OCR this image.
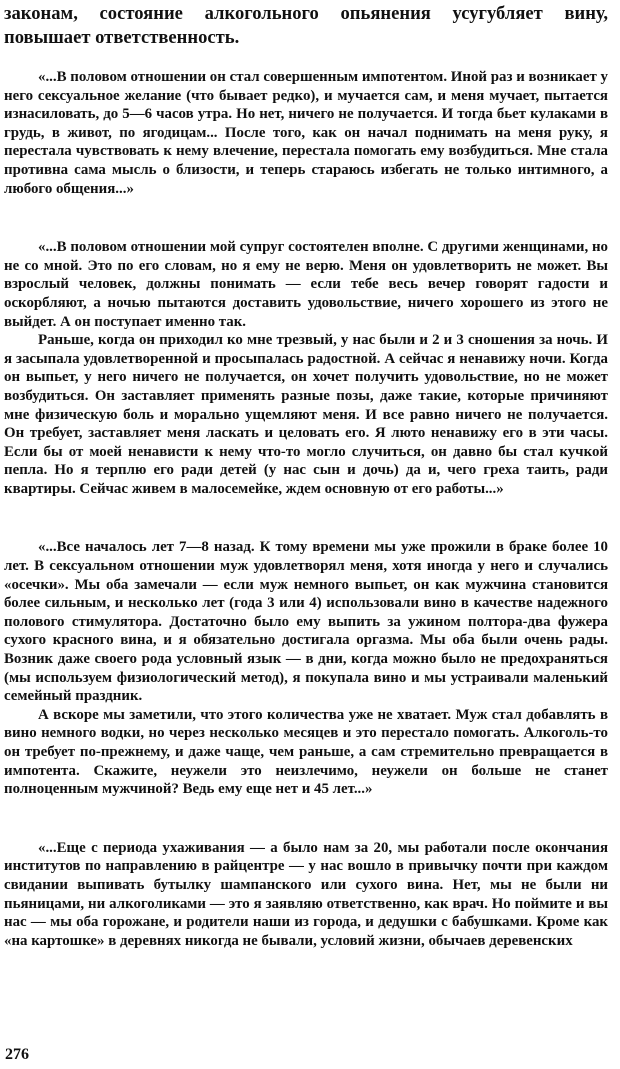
законам, состояние алкогольного опьянения усугубляет вину, повышает ответственность.

«...В половом отношении он стал совершенным импотентом. Иной раз и возникает у него сексуальное желание (что бывает редко), и мучается сам, и меня мучает, пытается изнасиловать, до 5—6 часов утра. Но нет, ничего не получается. И тогда бьет кулаками в грудь, в живот, по ягодицам... После того, как он начал поднимать на меня руку, я перестала чувствовать к нему влечение, перестала помогать ему возбудиться. Мне стала противна сама мысль о близости, и теперь стараюсь избегать не только интимного, а любого общения...»

«...В половом отношении мой супруг состоятелен вполне. С другими женщинами, но не со мной. Это по его словам, но я ему не верю. Меня он удовлетворить не может. Вы взрослый человек, должны понимать — если тебе весь вечер говорят гадости и оскорбляют, а ночью пытаются доставить удовольствие, ничего хорошего из этого не выйдет. А он поступает именно так.

Раньше, когда он приходил ко мне трезвый, у нас были и 2 и 3 сношения за ночь. И я засыпала удовлетворенной и просыпалась радостной. А сейчас я ненавижу ночи. Когда он выпьет, у него ничего не получается, он хочет получить удовольствие, но не может возбудиться. Он заставляет применять разные позы, даже такие, которые причиняют мне физическую боль и морально ущемляют меня. И все равно ничего не получается. Он требует, заставляет меня ласкать и целовать его. Я люто ненавижу его в эти часы. Если бы от моей ненависти к нему что-то могло случиться, он давно бы стал кучкой пепла. Но я терплю его ради детей (у нас сын и дочь) да и, чего греха таить, ради квартиры. Сейчас живем в малосемейке, ждем основную от его работы...»

«...Все началось лет 7—8 назад. К тому времени мы уже прожили в браке более 10 лет. В сексуальном отношении муж удовлетворял меня, хотя иногда у него и случались «осечки». Мы оба замечали — если муж немного выпьет, он как мужчина становится более сильным, и несколько лет (года 3 или 4) использовали вино в качестве надежного полового стимулятора. Достаточно было ему выпить за ужином полтора-два фужера сухого красного вина, и я обязательно достигала оргазма. Мы оба были очень рады. Возник даже своего рода условный язык — в дни, когда можно было не предохраняться (мы используем физиологический метод), я покупала вино и мы устраивали маленький семейный праздник.

А вскоре мы заметили, что этого количества уже не хватает. Муж стал добавлять в вино немного водки, но через несколько месяцев и это перестало помогать. Алкоголь-то он требует по-прежнему, и даже чаще, чем раньше, а сам стремительно превращается в импотента. Скажите, неужели это неизлечимо, неужели он больше не станет полноценным мужчиной? Ведь ему еще нет и 45 лет...»

«...Еще с периода ухаживания — а было нам за 20, мы работали после окончания институтов по направлению в райцентре — у нас вошло в привычку почти при каждом свидании выпивать бутылку шампанского или сухого вина. Нет, мы не были ни пьяницами, ни алкоголиками — это я заявляю ответственно, как врач. Но поймите и вы нас — мы оба горожане, и родители наши из города, и дедушки с бабушками. Кроме как «на картошке» в деревнях никогда не бывали, условий жизни, обычаев деревенских

276
